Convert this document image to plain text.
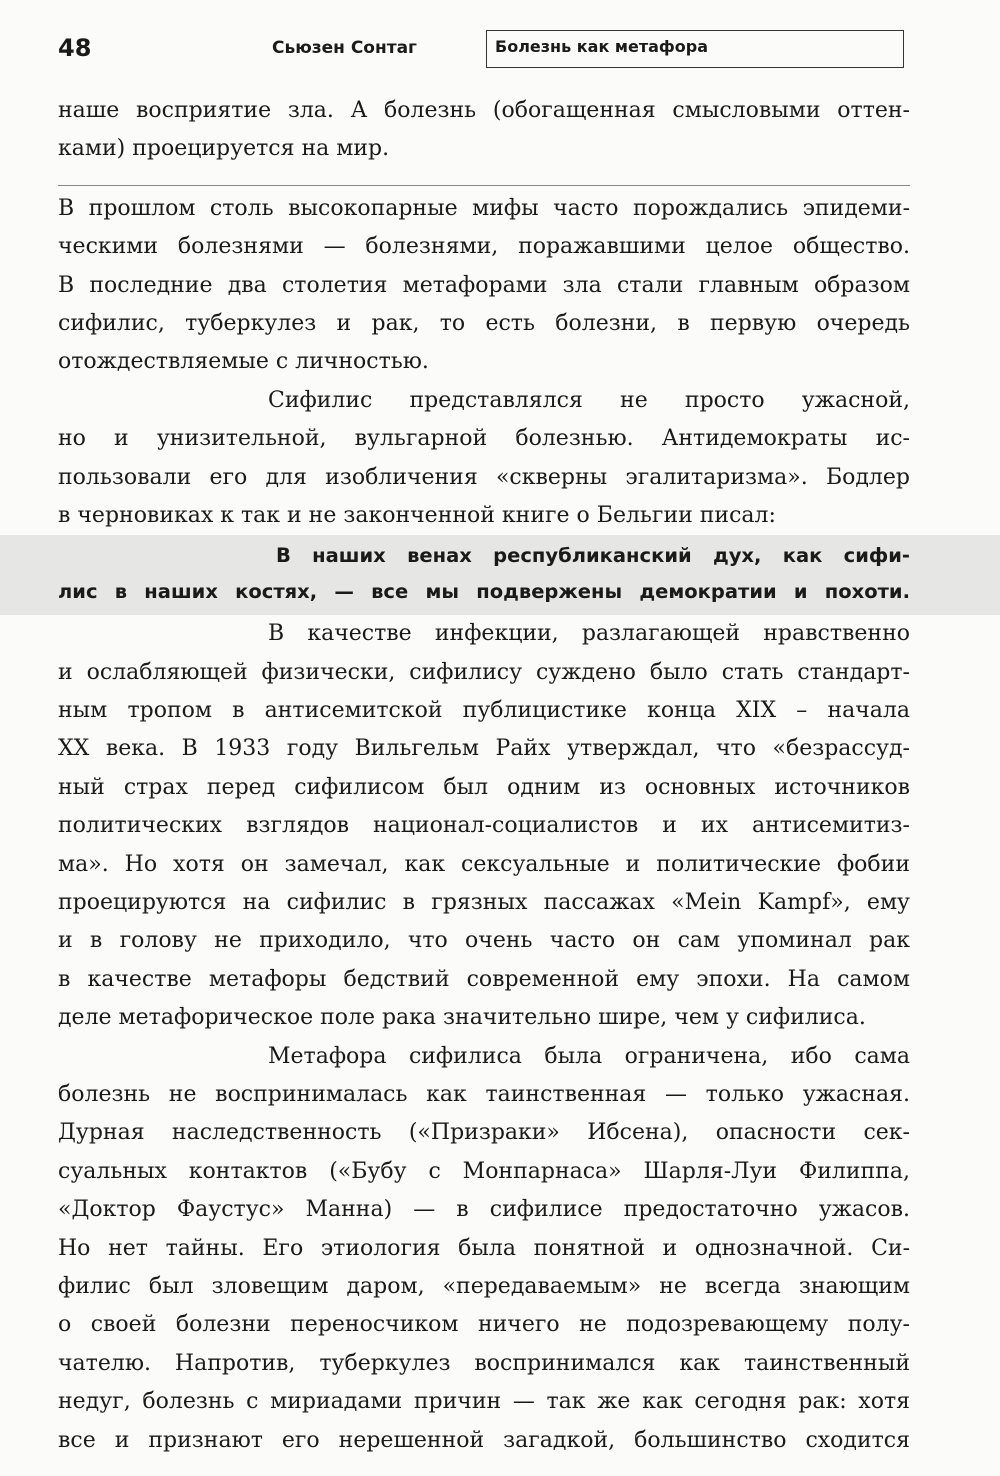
48	Сьюзен Сонтаг	Болезнь как метафора
наше восприятие зла. А болезнь (обогащенная смысловыми оттен-
ками) проецируется на мир.
В прошлом столь высокопарные мифы часто порождались эпидеми-
ческими болезнями — болезнями, поражавшими целое общество.
В последние два столетия метафорами зла стали главным образом
сифилис, туберкулез и рак, то есть болезни, в первую очередь
отождествляемые с личностью.
Сифилис представлялся не просто ужасной,
но и унизительной, вульгарной болезнью. Антидемократы ис-
пользовали его для изобличения «скверны эгалитаризма». Бодлер
в черновиках к так и не законченной книге о Бельгии писал:
В наших венах республиканский дух, как сифи-
лис в наших костях, — все мы подвержены демократии и похоти.
В качестве инфекции, разлагающей нравственно
и ослабляющей физически, сифилису суждено было стать стандарт-
ным тропом в антисемитской публицистике конца XIX – начала
XX века. В 1933 году Вильгельм Райх утверждал, что «безрассуд-
ный страх перед сифилисом был одним из основных источников
политических взглядов национал-социалистов и их антисемитиз-
ма». Но хотя он замечал, как сексуальные и политические фобии
проецируются на сифилис в грязных пассажах «Mein Kampf», ему
и в голову не приходило, что очень часто он сам упоминал рак
в качестве метафоры бедствий современной ему эпохи. На самом
деле метафорическое поле рака значительно шире, чем у сифилиса.
Метафора сифилиса была ограничена, ибо сама
болезнь не воспринималась как таинственная — только ужасная.
Дурная наследственность («Призраки» Ибсена), опасности сек-
суальных контактов («Бубу с Монпарнаса» Шарля-Луи Филиппа,
«Доктор Фаустус» Манна) — в сифилисе предостаточно ужасов.
Но нет тайны. Его этиология была понятной и однозначной. Си-
филис был зловещим даром, «передаваемым» не всегда знающим
о своей болезни переносчиком ничего не подозревающему полу-
чателю. Напротив, туберкулез воспринимался как таинственный
недуг, болезнь с мириадами причин — так же как сегодня рак: хотя
все и признают его нерешенной загадкой, большинство сходится
